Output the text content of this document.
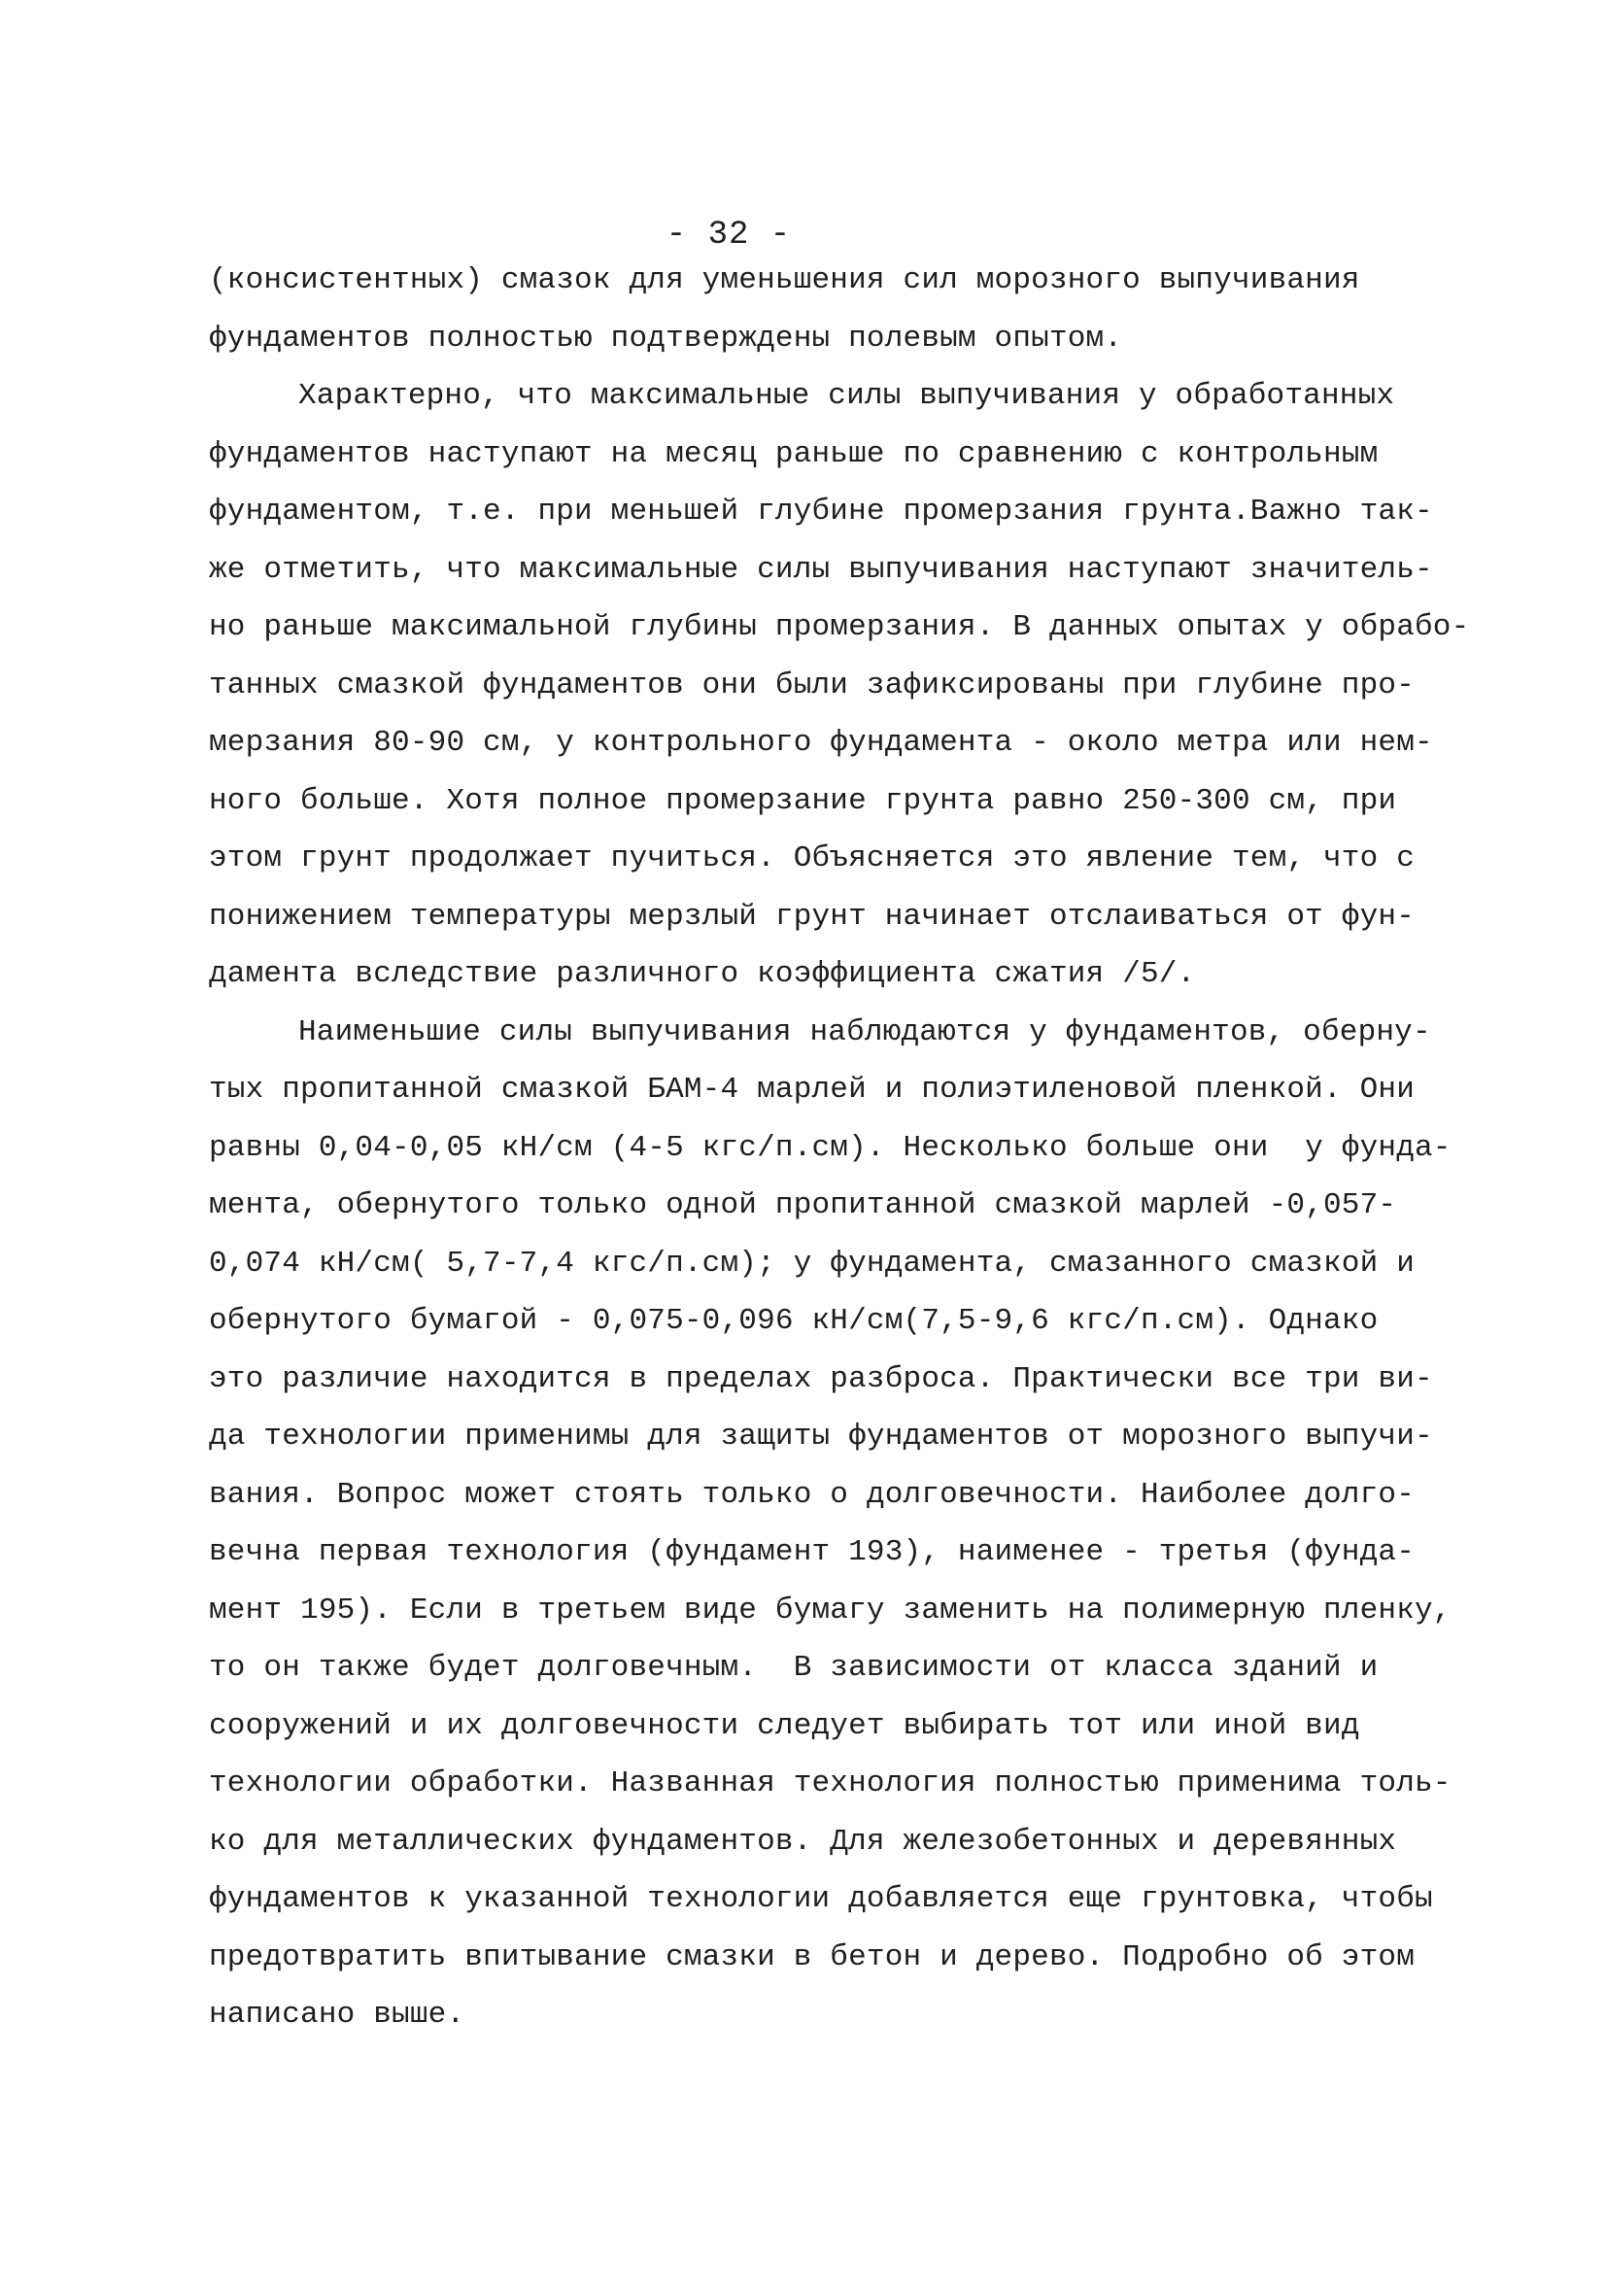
- 32 -
(консистентных) смазок для уменьшения сил морозного выпучивания
фундаментов полностью подтверждены полевым опытом.
Характерно, что максимальные силы выпучивания у обработанных
фундаментов наступают на месяц раньше по сравнению с контрольным
фундаментом, т.е. при меньшей глубине промерзания грунта.Важно так-
же отметить, что максимальные силы выпучивания наступают значитель-
но раньше максимальной глубины промерзания. В данных опытах у обрабо-
танных смазкой фундаментов они были зафиксированы при глубине про-
мерзания 80-90 см, у контрольного фундамента - около метра или нем-
ного больше. Хотя полное промерзание грунта равно 250-300 см, при
этом грунт продолжает пучиться. Объясняется это явление тем, что с
понижением температуры мерзлый грунт начинает отслаиваться от фун-
дамента вследствие различного коэффициента сжатия /5/.
Наименьшие силы выпучивания наблюдаются у фундаментов, оберну-
тых пропитанной смазкой БАМ-4 марлей и полиэтиленовой пленкой. Они
равны 0,04-0,05 кН/см (4-5 кгс/п.см). Несколько больше они  у фунда-
мента, обернутого только одной пропитанной смазкой марлей -0,057-
0,074 кН/см( 5,7-7,4 кгс/п.см); у фундамента, смазанного смазкой и
обернутого бумагой - 0,075-0,096 кН/см(7,5-9,6 кгс/п.см). Однако
это различие находится в пределах разброса. Практически все три ви-
да технологии применимы для защиты фундаментов от морозного выпучи-
вания. Вопрос может стоять только о долговечности. Наиболее долго-
вечна первая технология (фундамент 193), наименее - третья (фунда-
мент 195). Если в третьем виде бумагу заменить на полимерную пленку,
то он также будет долговечным.  В зависимости от класса зданий и
сооружений и их долговечности следует выбирать тот или иной вид
технологии обработки. Названная технология полностью применима толь-
ко для металлических фундаментов. Для железобетонных и деревянных
фундаментов к указанной технологии добавляется еще грунтовка, чтобы
предотвратить впитывание смазки в бетон и дерево. Подробно об этом
написано выше.
